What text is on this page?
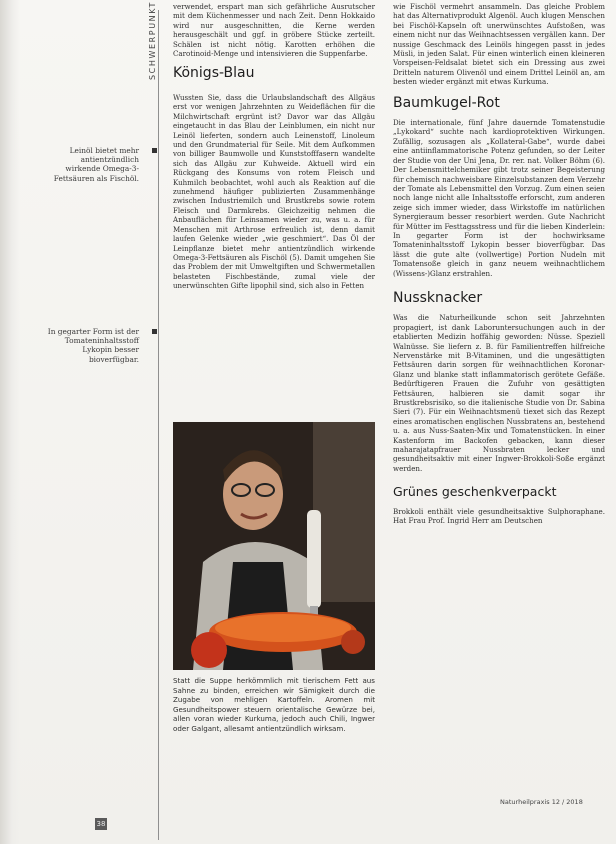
SCHWERPUNKT
Leinöl bietet mehr antientzündlich wirkende Omega-3-Fettsäuren als Fischöl.
In gegarter Form ist der Tomateninhaltsstoff Lykopin besser bioverfügbar.

verwendet, erspart man sich gefährliche Ausrutscher mit dem Küchenmesser und nach Zeit. Denn Hokkaido wird nur ausgeschnitten, die Kerne werden herausgeschält und ggf. in gröbere Stücke zerteilt. Schälen ist nicht nötig. Karotten erhöhen die Carotinoid-Menge und intensivieren die Suppenfarbe.

Königs-Blau

Wussten Sie, dass die Urlaubslandschaft des Allgäus erst vor wenigen Jahrzehnten zu Weideflächen für die Milchwirtschaft ergrünt ist? Davor war das Allgäu eingetaucht in das Blau der Leinblumen, ein nicht nur Leinöl lieferten, sondern auch Leinenstoff, Linoleum und den Grundmaterial für Seile. Mit dem Aufkommen von billiger Baumwolle und Kunststofffasern wandelte sich das Allgäu zur Kuhweide. Aktuell wird ein Rückgang des Konsums von rotem Fleisch und Kuhmilch beobachtet, wohl auch als Reaktion auf die zunehmend häufiger publizierten Zusammenhänge zwischen Industriemilch und Brustkrebs sowie rotem Fleisch und Darmkrebs. Gleichzeitig nehmen die Anbauflächen für Leinsamen wieder zu, was u. a. für Menschen mit Arthrose erfreulich ist, denn damit laufen Gelenke wieder „wie geschmiert“. Das Öl der Leinpflanze bietet mehr antientzündlich wirkende Omega-3-Fettsäuren als Fischöl (5). Damit umgehen Sie das Problem der mit Umweltgiften und Schwermetallen belasteten Fischbestände, zumal viele der unerwünschten Gifte lipophil sind, sich also in Fetten

Statt die Suppe herkömmlich mit tierischem Fett aus Sahne zu binden, erreichen wir Sämigkeit durch die Zugabe von mehligen Kartoffeln. Aromen mit Gesundheitspower steuern orientalische Gewürze bei, allen voran wieder Kurkuma, jedoch auch Chili, Ingwer oder Galgant, allesamt antientzündlich wirksam.

wie Fischöl vermehrt ansammeln. Das gleiche Problem hat das Alternativprodukt Algenöl. Auch klugen Menschen bei Fischöl-Kapseln oft unerwünschtes Aufstoßen, was einem nicht nur das Weihnachtsessen vergällen kann. Der nussige Geschmack des Leinöls hingegen passt in jedes Müsli, in jeden Salat. Für einen winterlich einen kleineren Vorspeisen-Feldsalat bietet sich ein Dressing aus zwei Dritteln naturem Olivenöl und einem Drittel Leinöl an, am besten wieder ergänzt mit etwas Kurkuma.

Baumkugel-Rot

Die internationale, fünf Jahre dauernde Tomatenstudie „Lykokard“ suchte nach kardioprotektiven Wirkungen. Zufällig, sozusagen als „Kollateral-Gabe“, wurde dabei eine antiinflammatorische Potenz gefunden, so der Leiter der Studie von der Uni Jena, Dr. rer. nat. Volker Böhm (6). Der Lebensmittelchemiker gibt trotz seiner Begeisterung für chemisch nachweisbare Einzelsubstanzen dem Verzehr der Tomate als Lebensmittel den Vorzug. Zum einen seien noch lange nicht alle Inhaltsstoffe erforscht, zum anderen zeige sich immer wieder, dass Wirkstoffe im natürlichen Synergieraum besser resorbiert werden. Gute Nachricht für Mütter im Festtagsstress und für die lieben Kinderlein: In gegarter Form ist der hochwirksame Tomateninhaltsstoff Lykopin besser bioverfügbar. Das lässt die gute alte (vollwertige) Portion Nudeln mit Tomatensoße gleich in ganz neuem weihnachtlichem (Wissens-)Glanz erstrahlen.

Nussknacker

Was die Naturheilkunde schon seit Jahrzehnten propagiert, ist dank Laboruntersuchungen auch in der etablierten Medizin hoffähig geworden: Nüsse. Speziell Walnüsse. Sie liefern z. B. für Familientreffen hilfreiche Nervenstärke mit B-Vitaminen, und die ungesättigten Fettsäuren darin sorgen für weihnachtlichen Koronar-Glanz und blanke statt inflammatorisch gerötete Gefäße. Bedürftigeren Frauen die Zufuhr von gesättigten Fettsäuren, halbieren sie damit sogar ihr Brustkrebsrisiko, so die italienische Studie von Dr. Sabina Sieri (7). Für ein Weihnachtsmenü tiexet sich das Rezept eines aromatischen englischen Nussbratens an, bestehend u. a. aus Nuss-Saaten-Mix und Tomatenstücken. In einer Kastenform im Backofen gebacken, kann dieser maharajatapfrauer Nussbraten lecker und gesundheitsaktiv mit einer Ingwer-Brokkoli-Soße ergänzt werden.

Grünes geschenkverpackt

Brokkoli enthält viele gesundheitsaktive Sulphoraphane. Hat Frau Prof. Ingrid Herr am Deutschen

Naturheilpraxis 12 / 2018
38
